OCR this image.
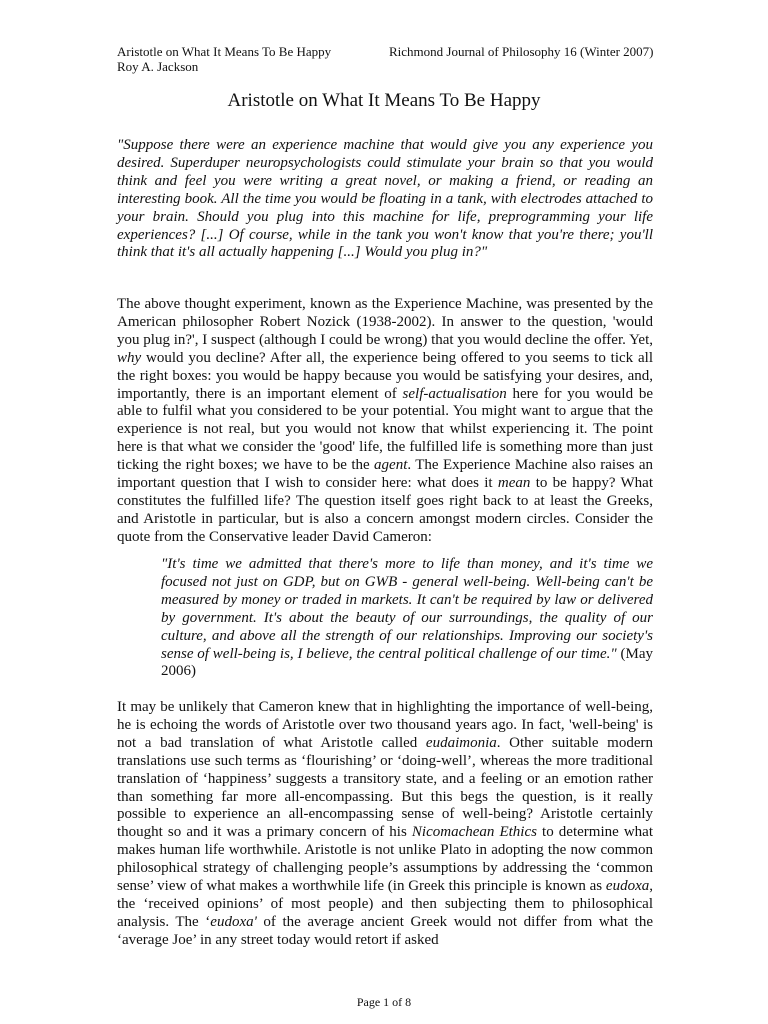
Aristotle on What It Means To Be Happy	Richmond Journal of Philosophy 16 (Winter 2007)
Roy A. Jackson
Aristotle on What It Means To Be Happy

"Suppose there were an experience machine that would give you any experience you desired. Superduper neuropsychologists could stimulate your brain so that you would think and feel you were writing a great novel, or making a friend, or reading an interesting book. All the time you would be floating in a tank, with electrodes attached to your brain. Should you plug into this machine for life, preprogramming your life experiences? [...] Of course, while in the tank you won't know that you're there; you'll think that it's all actually happening [...] Would you plug in?"

The above thought experiment, known as the Experience Machine, was presented by the American philosopher Robert Nozick (1938-2002). In answer to the question, 'would you plug in?', I suspect (although I could be wrong) that you would decline the offer. Yet, why would you decline? After all, the experience being offered to you seems to tick all the right boxes: you would be happy because you would be satisfying your desires, and, importantly, there is an important element of self-actualisation here for you would be able to fulfil what you considered to be your potential. You might want to argue that the experience is not real, but you would not know that whilst experiencing it. The point here is that what we consider the 'good' life, the fulfilled life is something more than just ticking the right boxes; we have to be the agent. The Experience Machine also raises an important question that I wish to consider here: what does it mean to be happy? What constitutes the fulfilled life? The question itself goes right back to at least the Greeks, and Aristotle in particular, but is also a concern amongst modern circles. Consider the quote from the Conservative leader David Cameron:

"It's time we admitted that there's more to life than money, and it's time we focused not just on GDP, but on GWB - general well-being. Well-being can't be measured by money or traded in markets. It can't be required by law or delivered by government. It's about the beauty of our surroundings, the quality of our culture, and above all the strength of our relationships. Improving our society's sense of well-being is, I believe, the central political challenge of our time." (May 2006)

It may be unlikely that Cameron knew that in highlighting the importance of well-being, he is echoing the words of Aristotle over two thousand years ago. In fact, 'well-being' is not a bad translation of what Aristotle called eudaimonia. Other suitable modern translations use such terms as ‘flourishing’ or ‘doing-well’, whereas the more traditional translation of ‘happiness’ suggests a transitory state, and a feeling or an emotion rather than something far more all-encompassing. But this begs the question, is it really possible to experience an all-encompassing sense of well-being? Aristotle certainly thought so and it was a primary concern of his Nicomachean Ethics to determine what makes human life worthwhile. Aristotle is not unlike Plato in adopting the now common philosophical strategy of challenging people’s assumptions by addressing the ‘common sense’ view of what makes a worthwhile life (in Greek this principle is known as eudoxa, the ‘received opinions’ of most people) and then subjecting them to philosophical analysis. The ‘eudoxa' of the average ancient Greek would not differ from what the ‘average Joe’ in any street today would retort if asked

Page 1 of 8
